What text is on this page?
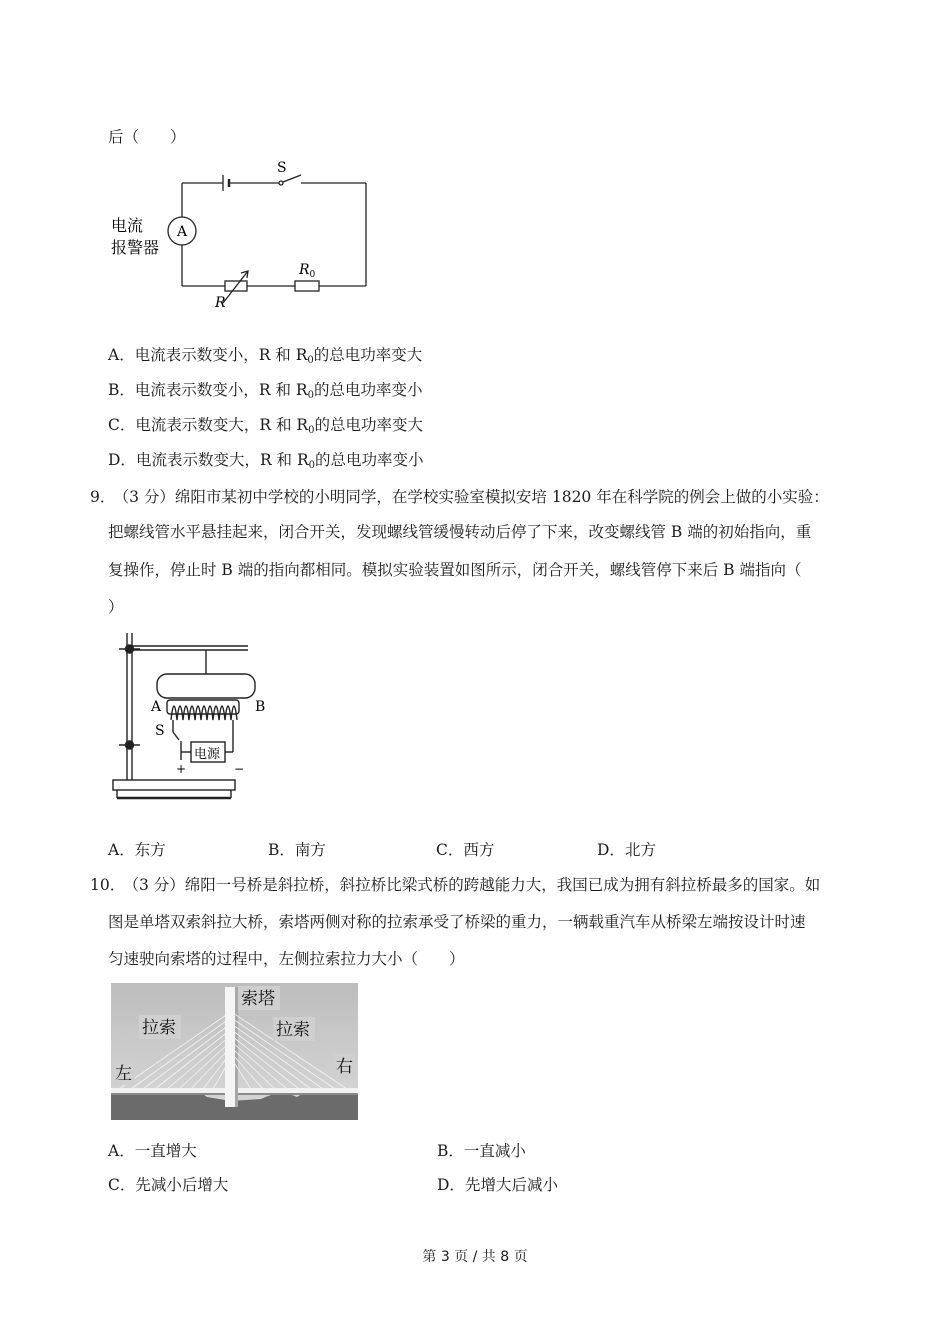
后（　　）
S
A
电流
报警器
R
$R_0$
A．电流表示数变小，R 和 $R_0$的总电功率变大
B．电流表示数变小，R 和 $R_0$的总电功率变小
C．电流表示数变大，R 和 $R_0$的总电功率变大
D．电流表示数变大，R 和 $R_0$的总电功率变小
9． （3 分）绵阳市某初中学校的小明同学，在学校实验室模拟安培 1820 年在科学院的例会上做的小实验：
把螺线管水平悬挂起来，闭合开关，发现螺线管缓慢转动后停了下来，改变螺线管 B 端的初始指向，重
复操作，停止时 B 端的指向都相同。模拟实验装置如图所示，闭合开关，螺线管停下来后 B 端指向（
）
A	B
S
电源
+	−
A．东方	B．南方	C．西方	D．北方
10． （3 分）绵阳一号桥是斜拉桥，斜拉桥比梁式桥的跨越能力大，我国已成为拥有斜拉桥最多的国家。如
图是单塔双索斜拉大桥，索塔两侧对称的拉索承受了桥梁的重力，一辆载重汽车从桥梁左端按设计时速
匀速驶向索塔的过程中，左侧拉索拉力大小（　　）
索塔
拉索	拉索
左	右
A．一直增大	B．一直减小
C．先减小后增大	D．先增大后减小
第 3 页 / 共 8 页
